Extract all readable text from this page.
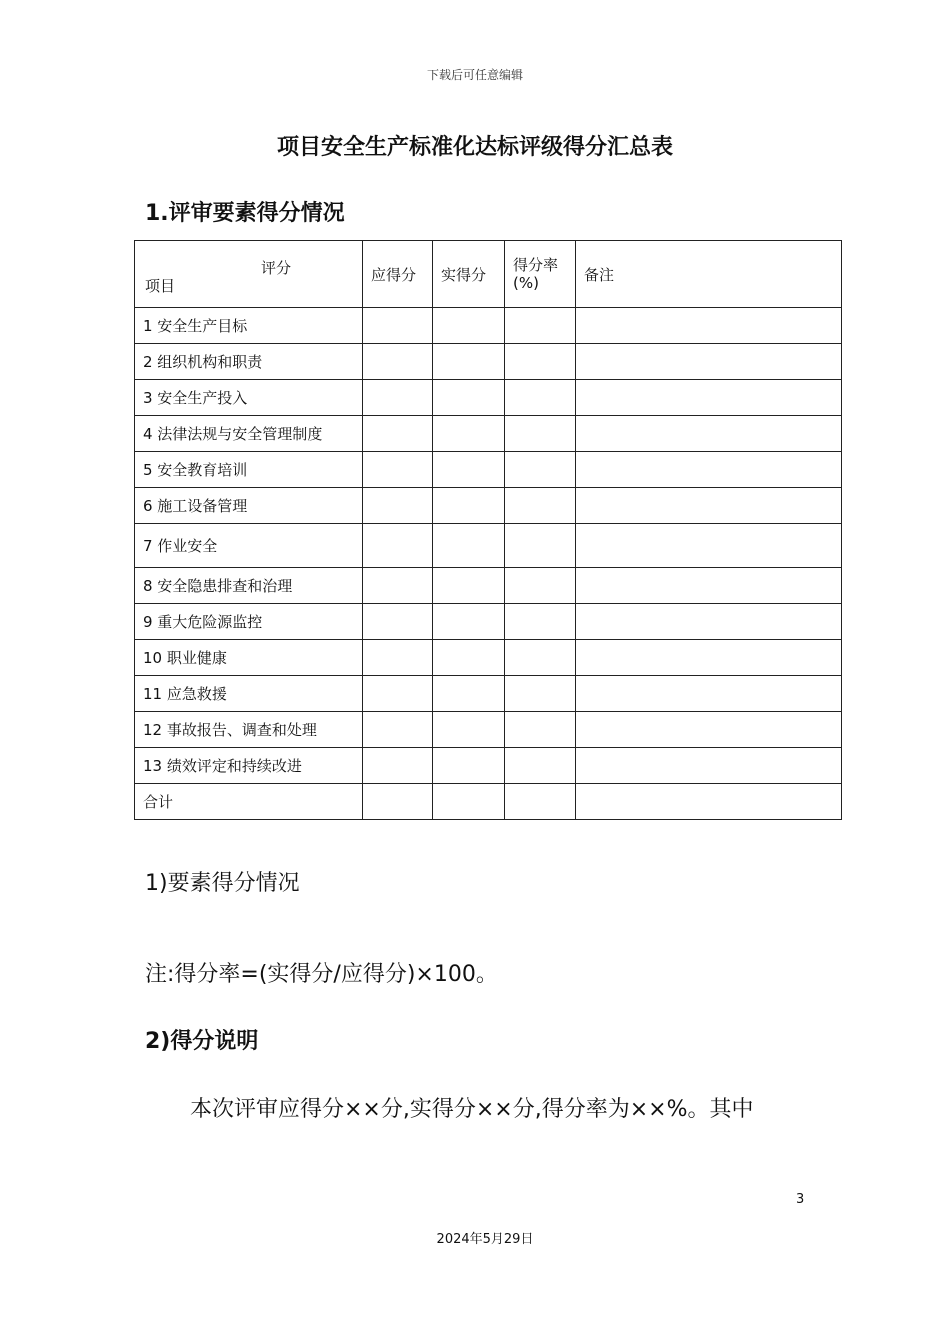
下载后可任意编辑
项目安全生产标准化达标评级得分汇总表
1.评审要素得分情况
评分
项目	应得分	实得分	得分率(%)	备注
1 安全生产目标				
2 组织机构和职责				
3 安全生产投入				
4 法律法规与安全管理制度				
5 安全教育培训				
6 施工设备管理				
7 作业安全				
8 安全隐患排查和治理				
9 重大危险源监控				
10 职业健康				
11 应急救援				
12 事故报告、调查和处理				
13 绩效评定和持续改进				
合计				
1)要素得分情况
注:得分率=(实得分/应得分)×100。
2)得分说明
本次评审应得分××分,实得分××分,得分率为××%。其中
3
2024年5月29日
